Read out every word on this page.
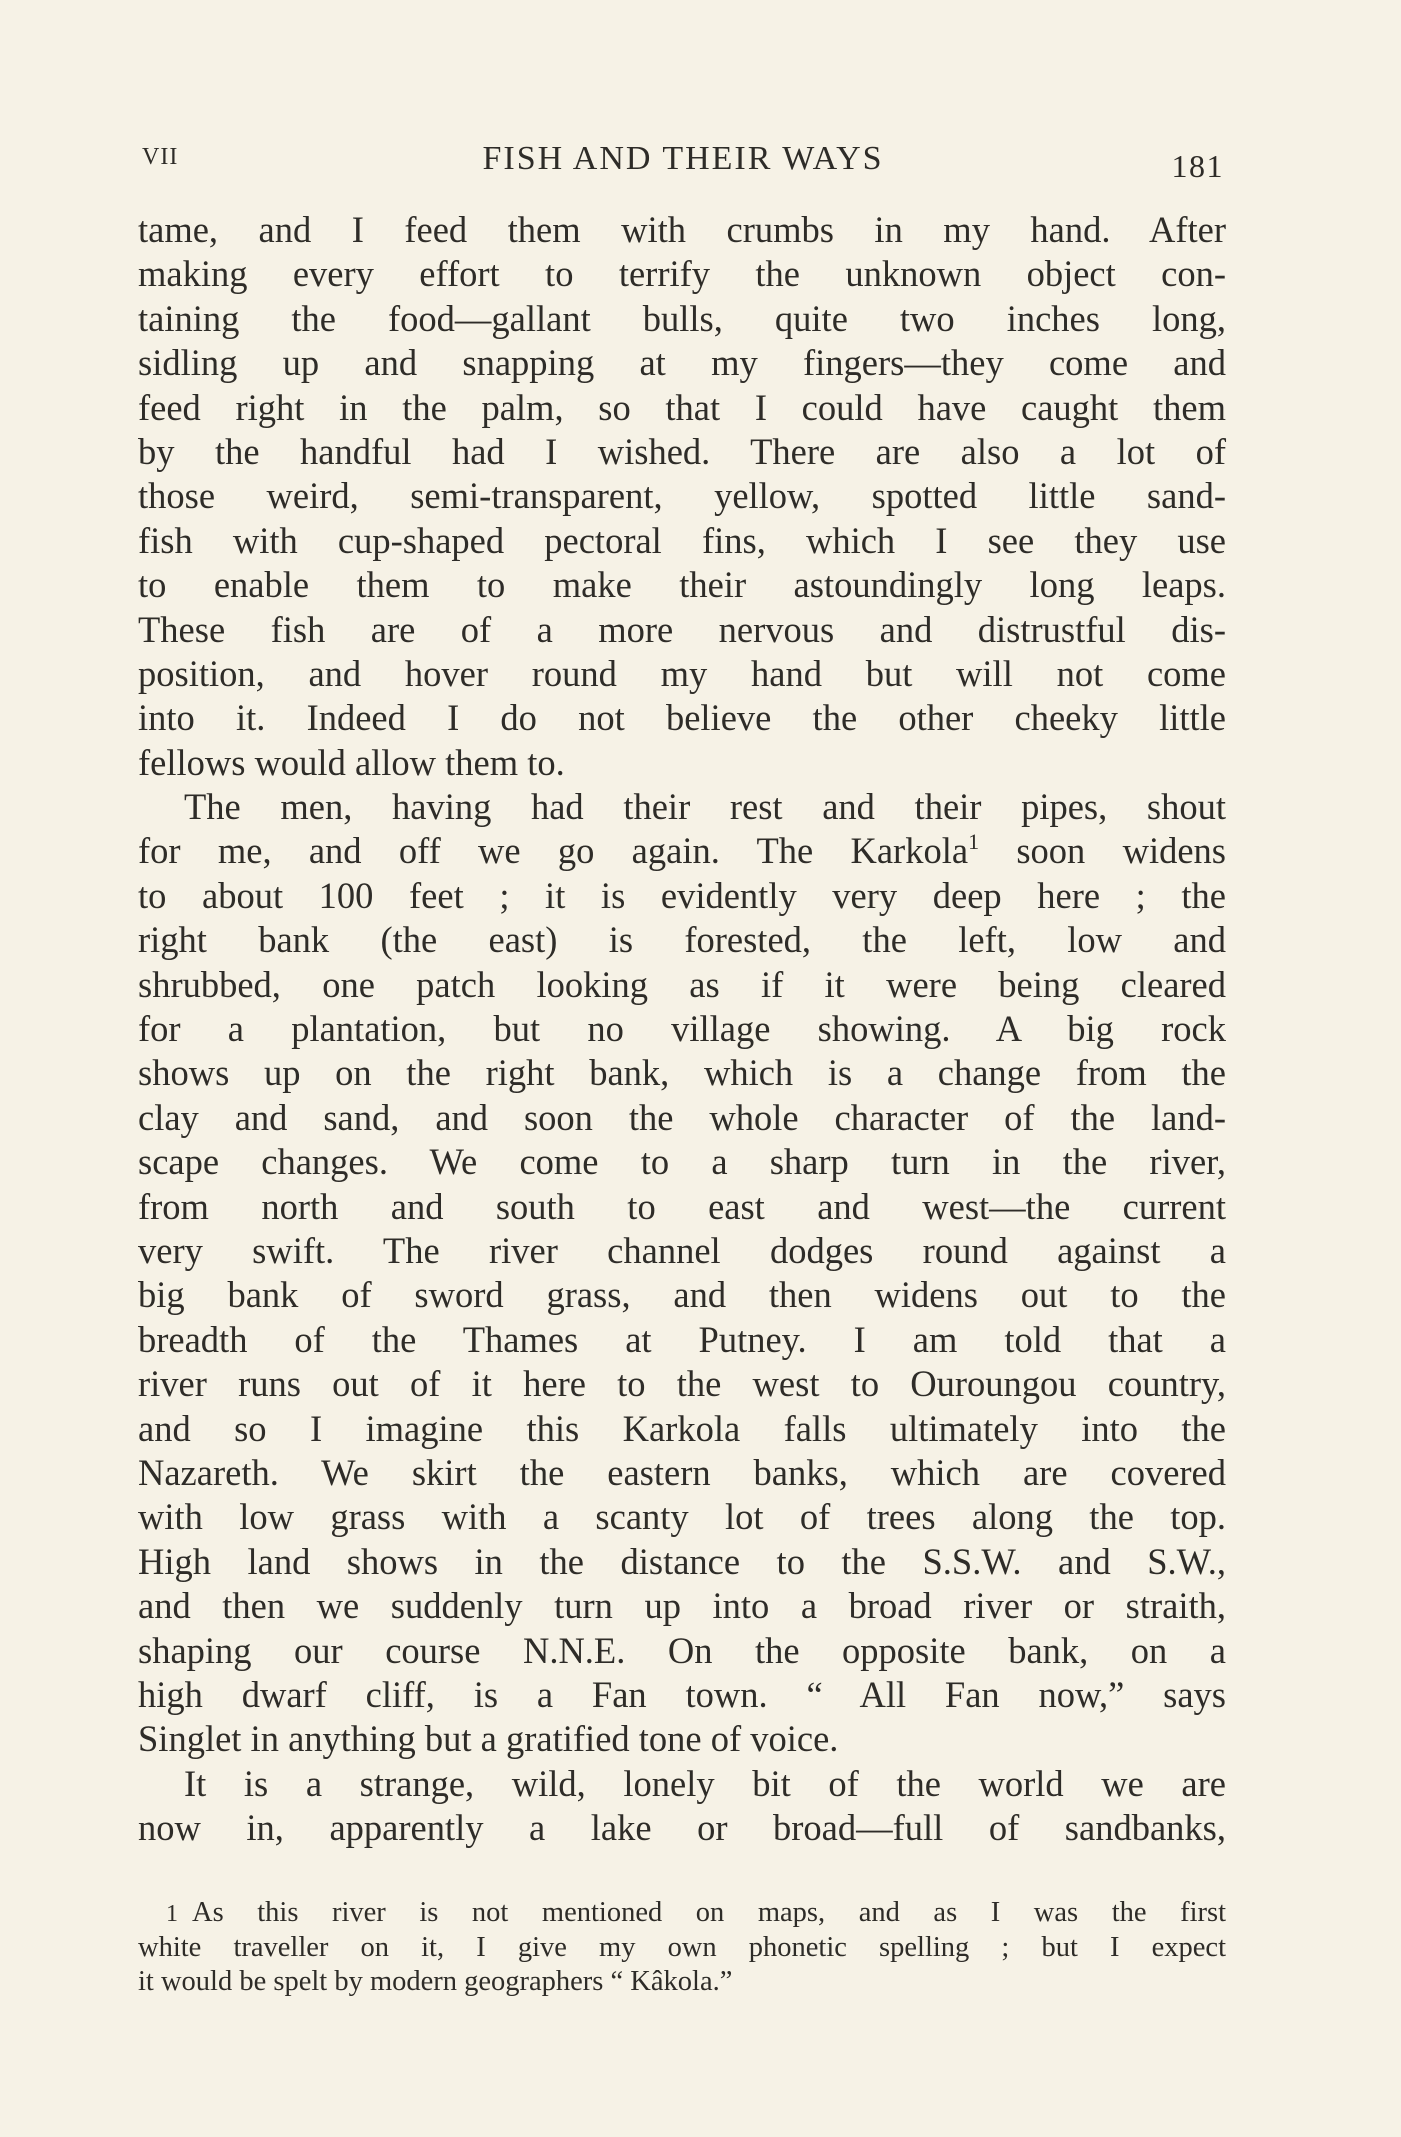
VII	FISH AND THEIR WAYS	181
tame, and I feed them with crumbs in my hand. After
making every effort to terrify the unknown object con-
taining the food—gallant bulls, quite two inches long,
sidling up and snapping at my fingers—they come and
feed right in the palm, so that I could have caught them
by the handful had I wished. There are also a lot of
those weird, semi-transparent, yellow, spotted little sand-
fish with cup-shaped pectoral fins, which I see they use
to enable them to make their astoundingly long leaps.
These fish are of a more nervous and distrustful dis-
position, and hover round my hand but will not come
into it. Indeed I do not believe the other cheeky little
fellows would allow them to.
The men, having had their rest and their pipes, shout
for me, and off we go again. The Karkola$^1$ soon widens
to about 100 feet ; it is evidently very deep here ; the
right bank (the east) is forested, the left, low and
shrubbed, one patch looking as if it were being cleared
for a plantation, but no village showing. A big rock
shows up on the right bank, which is a change from the
clay and sand, and soon the whole character of the land-
scape changes. We come to a sharp turn in the river,
from north and south to east and west—the current
very swift. The river channel dodges round against a
big bank of sword grass, and then widens out to the
breadth of the Thames at Putney. I am told that a
river runs out of it here to the west to Ouroungou country,
and so I imagine this Karkola falls ultimately into the
Nazareth. We skirt the eastern banks, which are covered
with low grass with a scanty lot of trees along the top.
High land shows in the distance to the S.S.W. and S.W.,
and then we suddenly turn up into a broad river or straith,
shaping our course N.N.E. On the opposite bank, on a
high dwarf cliff, is a Fan town. “ All Fan now,” says
Singlet in anything but a gratified tone of voice.
It is a strange, wild, lonely bit of the world we are
now in, apparently a lake or broad—full of sandbanks,
1 As this river is not mentioned on maps, and as I was the first
white traveller on it, I give my own phonetic spelling ; but I expect
it would be spelt by modern geographers “ Kâkola.”
